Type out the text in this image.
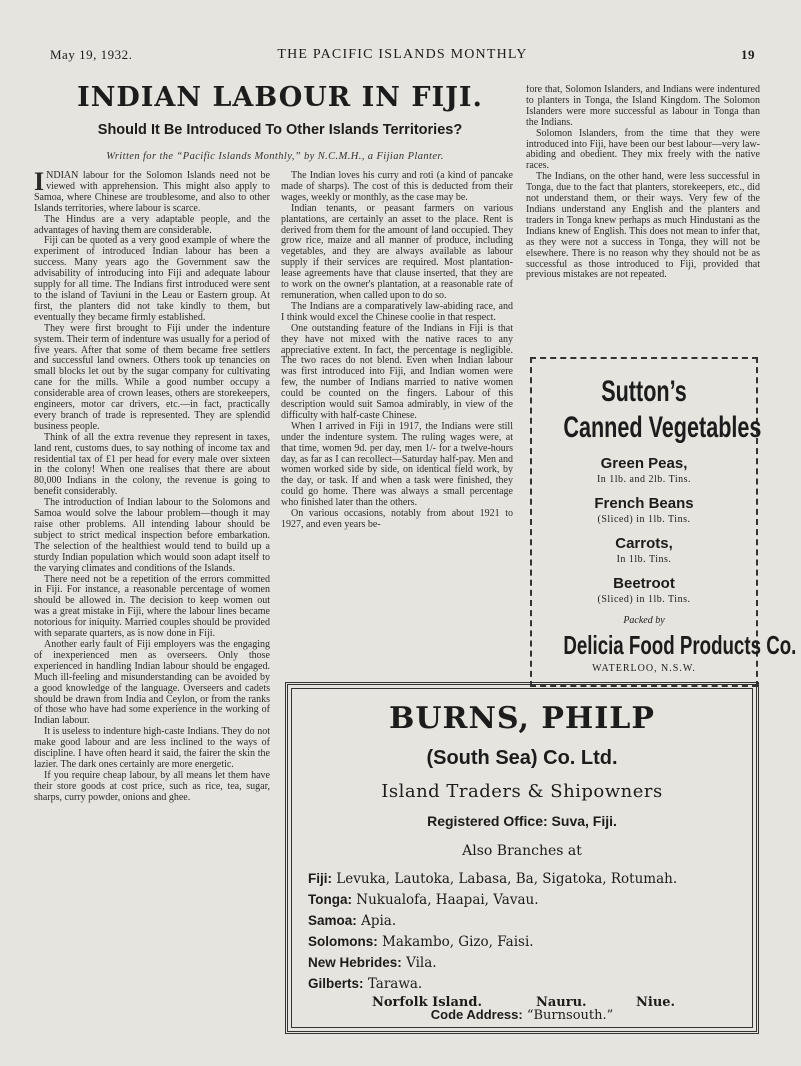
May 19, 1932.	THE PACIFIC ISLANDS MONTHLY	19
INDIAN LABOUR IN FIJI.
Should It Be Introduced To Other Islands Territories?
Written for the “Pacific Islands Monthly,” by N.C.M.H., a Fijian Planter.

INDIAN labour for the Solomon Islands need not be viewed with apprehension. This might also apply to Samoa, where Chinese are troublesome, and also to other Islands territories, where labour is scarce.

The Hindus are a very adaptable people, and the advantages of having them are considerable.

Fiji can be quoted as a very good example of where the experiment of introduced Indian labour has been a success. Many years ago the Government saw the advisability of introducing into Fiji and adequate labour supply for all time. The Indians first introduced were sent to the island of Taviuni in the Leau or Eastern group. At first, the planters did not take kindly to them, but eventually they became firmly established.

They were first brought to Fiji under the indenture system. Their term of indenture was usually for a period of five years. After that some of them became free settlers and successful land owners. Others took up tenancies on small blocks let out by the sugar company for cultivating cane for the mills. While a good number occupy a considerable area of crown leases, others are storekeepers, engineers, motor car drivers, etc.—in fact, practically every branch of trade is represented. They are splendid business people.

Think of all the extra revenue they represent in taxes, land rent, customs dues, to say nothing of income tax and residential tax of £1 per head for every male over sixteen in the colony! When one realises that there are about 80,000 Indians in the colony, the revenue is going to benefit considerably.

The introduction of Indian labour to the Solomons and Samoa would solve the labour problem—though it may raise other problems. All intending labour should be subject to strict medical inspection before embarkation. The selection of the healthiest would tend to build up a sturdy Indian population which would soon adapt itself to the varying climates and conditions of the Islands.

There need not be a repetition of the errors committed in Fiji. For instance, a reasonable percentage of women should be allowed in. The decision to keep women out was a great mistake in Fiji, where the labour lines became notorious for iniquity. Married couples should be provided with separate quarters, as is now done in Fiji.

Another early fault of Fiji employers was the engaging of inexperienced men as overseers. Only those experienced in handling Indian labour should be engaged. Much ill-feeling and misunderstanding can be avoided by a good knowledge of the language. Overseers and cadets should be drawn from India and Ceylon, or from the ranks of those who have had some experience in the working of Indian labour.

It is useless to indenture high-caste Indians. They do not make good labour and are less inclined to the ways of discipline. I have often heard it said, the fairer the skin the lazier. The dark ones certainly are more energetic.

If you require cheap labour, by all means let them have their store goods at cost price, such as rice, tea, sugar, sharps, curry powder, onions and ghee.

The Indian loves his curry and roti (a kind of pancake made of sharps). The cost of this is deducted from their wages, weekly or monthly, as the case may be.

Indian tenants, or peasant farmers on various plantations, are certainly an asset to the place. Rent is derived from them for the amount of land occupied. They grow rice, maize and all manner of produce, including vegetables, and they are always available as labour supply if their services are required. Most plantation-lease agreements have that clause inserted, that they are to work on the owner's plantation, at a reasonable rate of remuneration, when called upon to do so.

The Indians are a comparatively law-abiding race, and I think would excel the Chinese coolie in that respect.

One outstanding feature of the Indians in Fiji is that they have not mixed with the native races to any appreciative extent. In fact, the percentage is negligible. The two races do not blend. Even when Indian labour was first introduced into Fiji, and Indian women were few, the number of Indians married to native women could be counted on the fingers. Labour of this description would suit Samoa admirably, in view of the difficulty with half-caste Chinese.

When I arrived in Fiji in 1917, the Indians were still under the indenture system. The ruling wages were, at that time, women 9d. per day, men 1/- for a twelve-hours day, as far as I can recollect—Saturday half-pay. Men and women worked side by side, on identical field work, by the day, or task. If and when a task were finished, they could go home. There was always a small percentage who finished later than the others.

On various occasions, notably from about 1921 to 1927, and even years be-

fore that, Solomon Islanders, and Indians were indentured to planters in Tonga, the Island Kingdom. The Solomon Islanders were more successful as labour in Tonga than the Indians.

Solomon Islanders, from the time that they were introduced into Fiji, have been our best labour—very law-abiding and obedient. They mix freely with the native races.

The Indians, on the other hand, were less successful in Tonga, due to the fact that planters, storekeepers, etc., did not understand them, or their ways. Very few of the Indians understand any English and the planters and traders in Tonga knew perhaps as much Hindustani as the Indians knew of English. This does not mean to infer that, as they were not a success in Tonga, they will not be elsewhere. There is no reason why they should not be as successful as those introduced to Fiji, provided that previous mistakes are not repeated.

Sutton’s
Canned Vegetables
Green Peas,
In 1lb. and 2lb. Tins.
French Beans
(Sliced) in 1lb. Tins.
Carrots,
In 1lb. Tins.
Beetroot
(Sliced) in 1lb. Tins.
Packed by
Delicia Food Products Co.
WATERLOO, N.S.W.
BURNS, PHILP
(South Sea) Co. Ltd.
Island Traders & Shipowners
Registered Office: Suva, Fiji.
Also Branches at
Fiji: Levuka, Lautoka, Labasa, Ba, Sigatoka, Rotumah.
Tonga: Nukualofa, Haapai, Vavau.
Samoa: Apia.
Solomons: Makambo, Gizo, Faisi.
New Hebrides: Vila.
Gilberts: Tarawa.
Norfolk Island.	Nauru.	Niue.
Code Address: “Burnsouth.”
